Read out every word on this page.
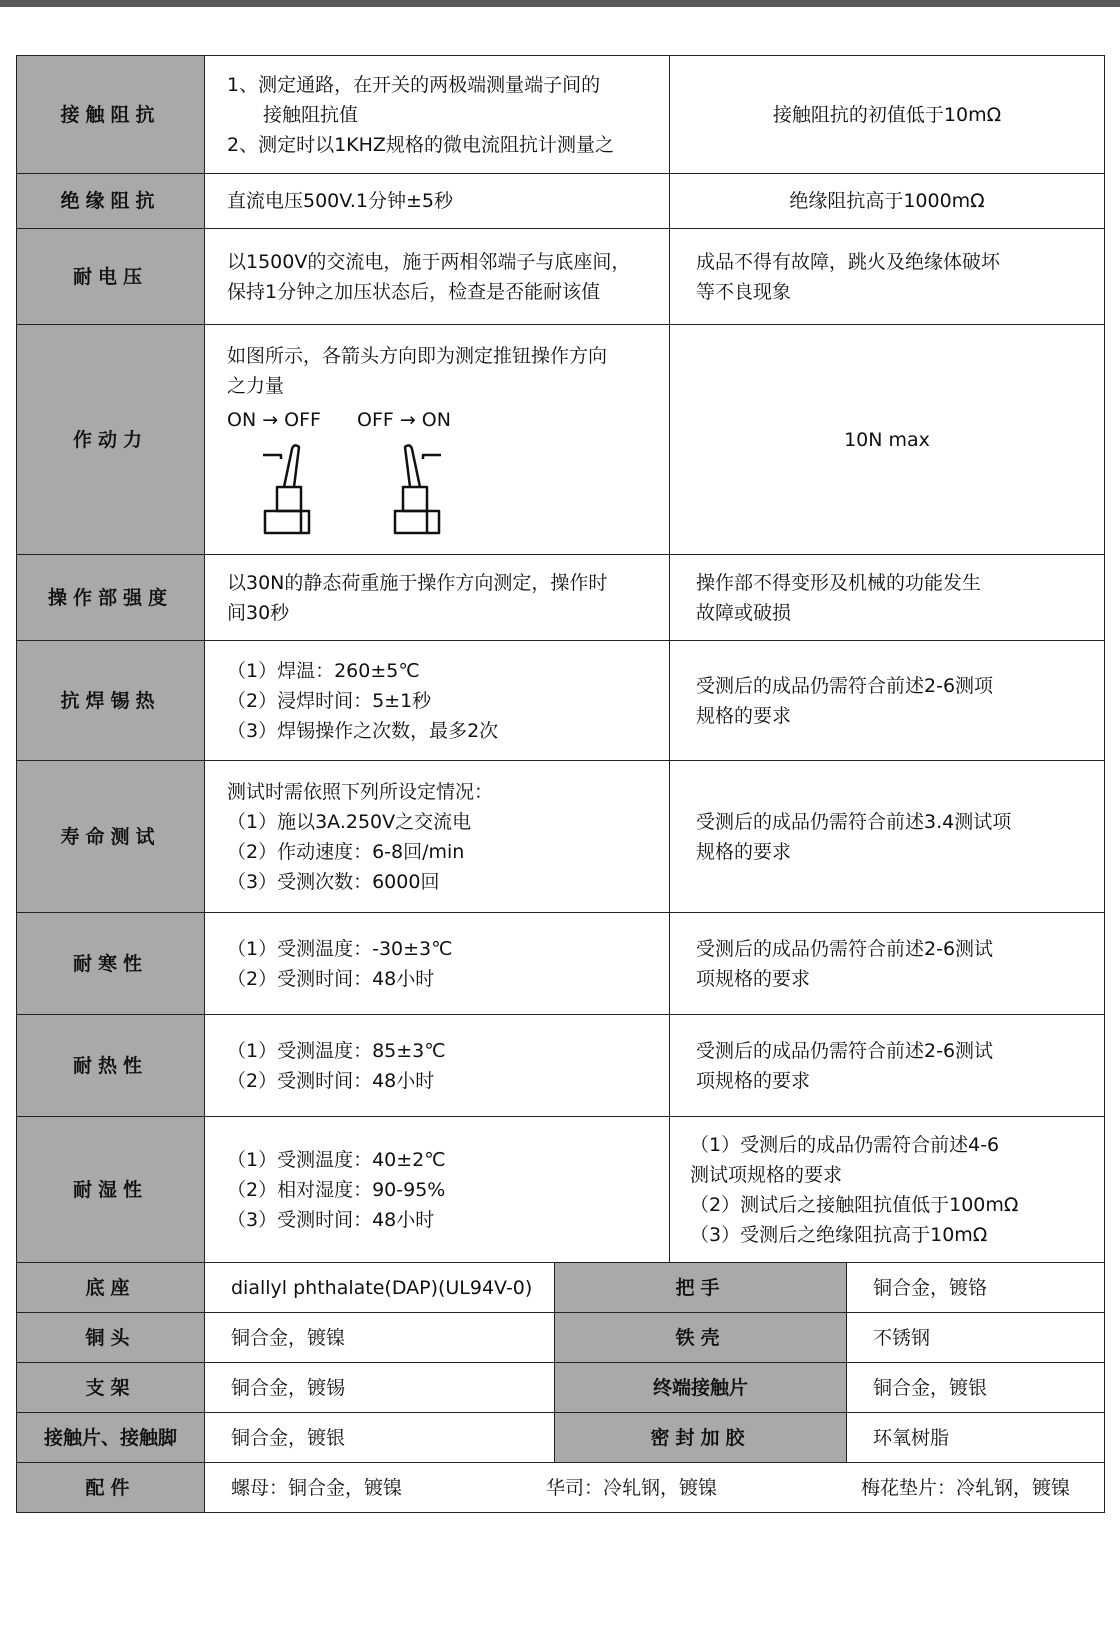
接触阻抗	1、测定通路，在开关的两极端测量端子间的
接触阻抗值
2、测定时以1KHZ规格的微电流阻抗计测量之		接触阻抗的初值低于10mΩ	

绝缘阻抗	直流电压500V.1分钟±5秒		绝缘阻抗高于1000mΩ	

耐电压	以1500V的交流电，施于两相邻端子与底座间，
保持1分钟之加压状态后，检查是否能耐该值		成品不得有故障，跳火及绝缘体破坏
等不良现象	

作动力	如图所示，各箭头方向即为测定推钮操作方向
之力量
ON → OFF OFF → ON		10N max	

操作部强度	以30N的静态荷重施于操作方向测定，操作时
间30秒		操作部不得变形及机械的功能发生
故障或破损	

抗焊锡热	（1）焊温：260±5℃
（2）浸焊时间：5±1秒
（3）焊锡操作之次数，最多2次		受测后的成品仍需符合前述2-6测项
规格的要求	

寿命测试	测试时需依照下列所设定情况：
（1）施以3A.250V之交流电
（2）作动速度：6-8回/min
（3）受测次数：6000回		受测后的成品仍需符合前述3.4测试项
规格的要求	

耐寒性	（1）受测温度：-30±3℃
（2）受测时间：48小时		受测后的成品仍需符合前述2-6测试
项规格的要求	

耐热性	（1）受测温度：85±3℃
（2）受测时间：48小时		受测后的成品仍需符合前述2-6测试
项规格的要求	

耐湿性	（1）受测温度：40±2℃
（2）相对湿度：90-95%
（3）受测时间：48小时		（1）受测后的成品仍需符合前述4-6
测试项规格的要求
（2）测试后之接触阻抗值低于100mΩ
（3）受测后之绝缘阻抗高于10mΩ	

底座	diallyl phthalate(DAP)(UL94V-0)	把手		铜合金，镀铬
铜头	铜合金，镀镍	铁壳		不锈钢
支架	铜合金，镀锡	终端接触片		铜合金，镀银
接触片、接触脚	铜合金，镀银	密封加胶		环氧树脂
配件	螺母：铜合金，镀镍 华司：冷轧钢，镀镍 梅花垫片：冷轧钢，镀镍			
